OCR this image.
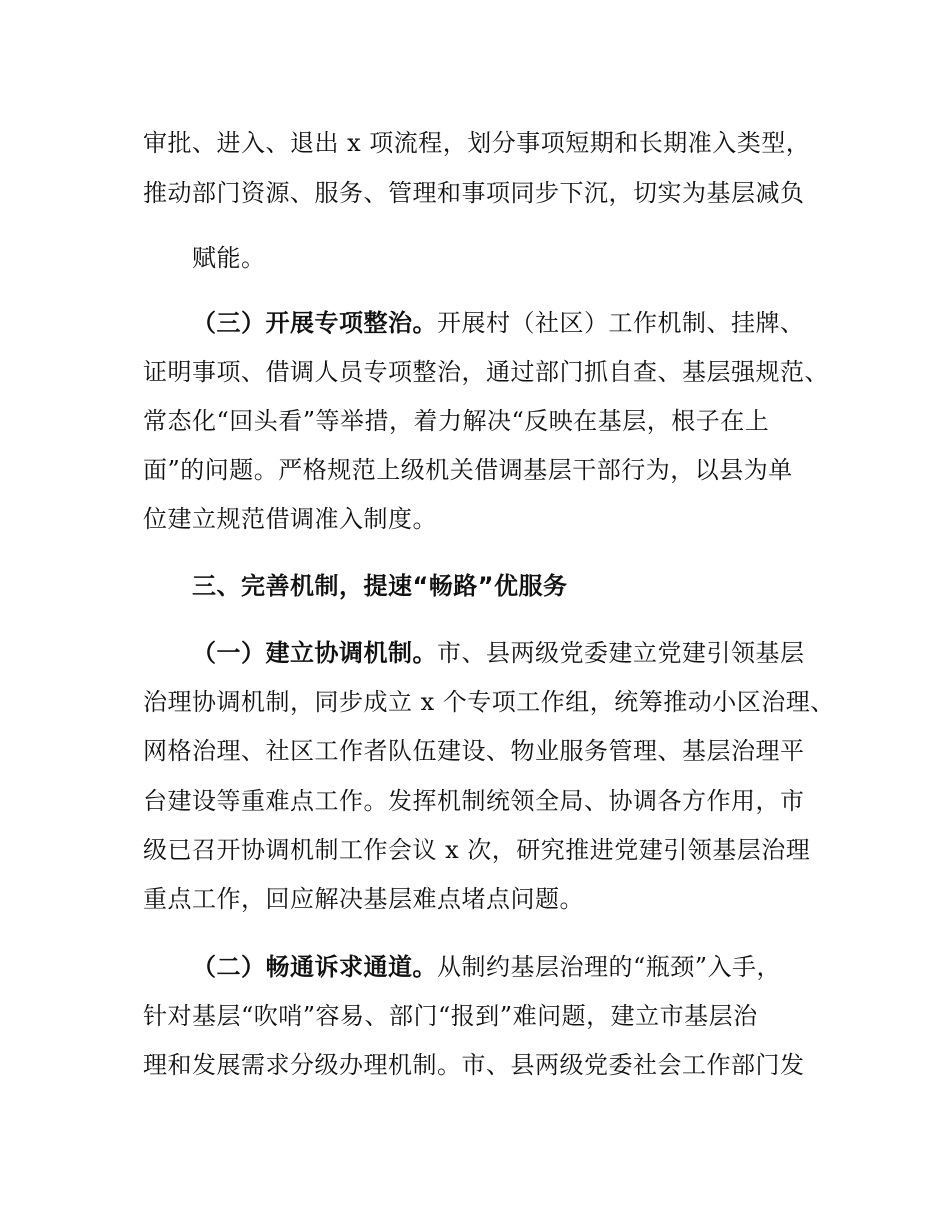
审批、进入、退出 x 项流程，划分事项短期和长期准入类型，

推动部门资源、服务、管理和事项同步下沉，切实为基层减负

赋能。

（三）开展专项整治。开展村（社区）工作机制、挂牌、

证明事项、借调人员专项整治，通过部门抓自查、基层强规范、

常态化“回头看”等举措，着力解决“反映在基层，根子在上

面”的问题。严格规范上级机关借调基层干部行为，以县为单

位建立规范借调准入制度。

三、完善机制，提速“畅路”优服务

（一）建立协调机制。市、县两级党委建立党建引领基层

治理协调机制，同步成立 x 个专项工作组，统筹推动小区治理、

网格治理、社区工作者队伍建设、物业服务管理、基层治理平

台建设等重难点工作。发挥机制统领全局、协调各方作用，市

级已召开协调机制工作会议 x 次，研究推进党建引领基层治理

重点工作，回应解决基层难点堵点问题。

（二）畅通诉求通道。从制约基层治理的“瓶颈”入手，

针对基层“吹哨”容易、部门“报到”难问题，建立市基层治

理和发展需求分级办理机制。市、县两级党委社会工作部门发
